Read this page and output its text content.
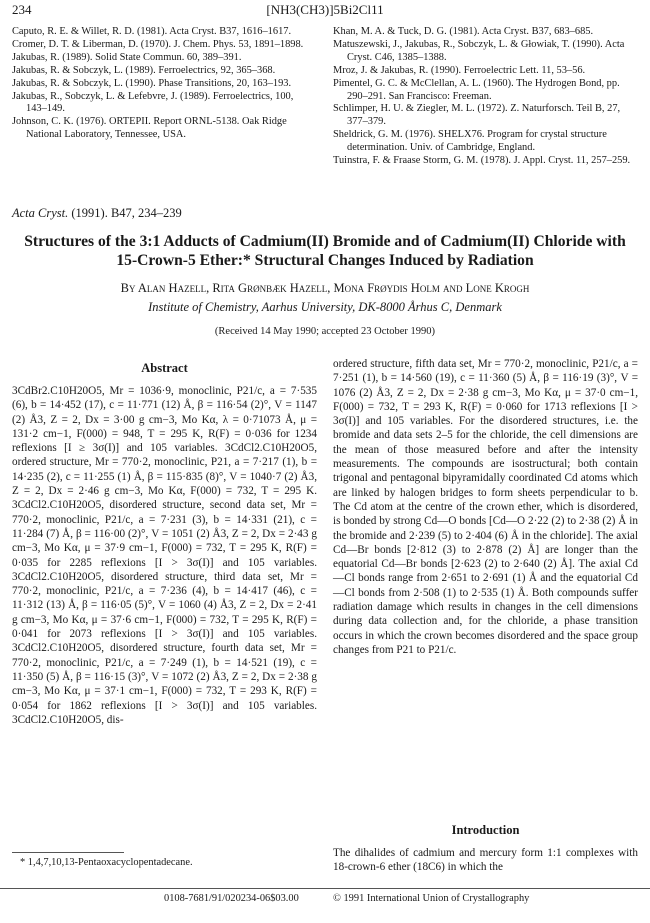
234	[NH3(CH3)]5Bi2Cl11
Caputo, R. E. & Willet, R. D. (1981). Acta Cryst. B37, 1616–1617.
Cromer, D. T. & Liberman, D. (1970). J. Chem. Phys. 53, 1891–1898.
Jakubas, R. (1989). Solid State Commun. 60, 389–391.
Jakubas, R. & Sobczyk, L. (1989). Ferroelectrics, 92, 365–368.
Jakubas, R. & Sobczyk, L. (1990). Phase Transitions, 20, 163–193.
Jakubas, R., Sobczyk, L. & Lefebvre, J. (1989). Ferroelectrics, 100, 143–149.
Johnson, C. K. (1976). ORTEPII. Report ORNL-5138. Oak Ridge National Laboratory, Tennessee, USA.
Khan, M. A. & Tuck, D. G. (1981). Acta Cryst. B37, 683–685.
Matuszewski, J., Jakubas, R., Sobczyk, L. & Głowiak, T. (1990). Acta Cryst. C46, 1385–1388.
Mroz, J. & Jakubas, R. (1990). Ferroelectric Lett. 11, 53–56.
Pimentel, G. C. & McClellan, A. L. (1960). The Hydrogen Bond, pp. 290–291. San Francisco: Freeman.
Schlimper, H. U. & Ziegler, M. L. (1972). Z. Naturforsch. Teil B, 27, 377–379.
Sheldrick, G. M. (1976). SHELX76. Program for crystal structure determination. Univ. of Cambridge, England.
Tuinstra, F. & Fraase Storm, G. M. (1978). J. Appl. Cryst. 11, 257–259.
Acta Cryst. (1991). B47, 234–239
Structures of the 3:1 Adducts of Cadmium(II) Bromide and of Cadmium(II) Chloride with 15-Crown-5 Ether:* Structural Changes Induced by Radiation
By Alan Hazell, Rita Grønbæk Hazell, Mona Frøydis Holm and Lone Krogh
Institute of Chemistry, Aarhus University, DK-8000 Århus C, Denmark
(Received 14 May 1990; accepted 23 October 1990)
Abstract
3CdBr2.C10H20O5, Mr = 1036·9, monoclinic, P21/c, a = 7·535 (6), b = 14·452 (17), c = 11·771 (12) Å, β = 116·54 (2)°, V = 1147 (2) Å3, Z = 2, Dx = 3·00 g cm−3, Mo Kα, λ = 0·71073 Å, μ = 131·2 cm−1, F(000) = 948, T = 295 K, R(F) = 0·036 for 1234 reflexions [I ≥ 3σ(I)] and 105 variables. 3CdCl2.C10H20O5, ordered structure, Mr = 770·2, monoclinic, P21, a = 7·217 (1), b = 14·235 (2), c = 11·255 (1) Å, β = 115·835 (8)°, V = 1040·7 (2) Å3, Z = 2, Dx = 2·46 g cm−3, Mo Kα, F(000) = 732, T = 295 K. 3CdCl2.C10H20O5, disordered structure, second data set, Mr = 770·2, monoclinic, P21/c, a = 7·231 (3), b = 14·331 (21), c = 11·284 (7) Å, β = 116·00 (2)°, V = 1051 (2) Å3, Z = 2, Dx = 2·43 g cm−3, Mo Kα, μ = 37·9 cm−1, F(000) = 732, T = 295 K, R(F) = 0·035 for 2285 reflexions [I > 3σ(I)] and 105 variables. 3CdCl2.C10H20O5, disordered structure, third data set, Mr = 770·2, monoclinic, P21/c, a = 7·236 (4), b = 14·417 (46), c = 11·312 (13) Å, β = 116·05 (5)°, V = 1060 (4) Å3, Z = 2, Dx = 2·41 g cm−3, Mo Kα, μ = 37·6 cm−1, F(000) = 732, T = 295 K, R(F) = 0·041 for 2073 reflexions [I > 3σ(I)] and 105 variables. 3CdCl2.C10H20O5, disordered structure, fourth data set, Mr = 770·2, monoclinic, P21/c, a = 7·249 (1), b = 14·521 (19), c = 11·350 (5) Å, β = 116·15 (3)°, V = 1072 (2) Å3, Z = 2, Dx = 2·38 g cm−3, Mo Kα, μ = 37·1 cm−1, F(000) = 732, T = 293 K, R(F) = 0·054 for 1862 reflexions [I > 3σ(I)] and 105 variables. 3CdCl2.C10H20O5, dis-
ordered structure, fifth data set, Mr = 770·2, monoclinic, P21/c, a = 7·251 (1), b = 14·560 (19), c = 11·360 (5) Å, β = 116·19 (3)°, V = 1076 (2) Å3, Z = 2, Dx = 2·38 g cm−3, Mo Kα, μ = 37·0 cm−1, F(000) = 732, T = 293 K, R(F) = 0·060 for 1713 reflexions [I > 3σ(I)] and 105 variables. For the disordered structures, i.e. the bromide and data sets 2–5 for the chloride, the cell dimensions are the mean of those measured before and after the intensity measurements. The compounds are isostructural; both contain trigonal and pentagonal bipyramidally coordinated Cd atoms which are linked by halogen bridges to form sheets perpendicular to b. The Cd atom at the centre of the crown ether, which is disordered, is bonded by strong Cd—O bonds [Cd—O 2·22 (2) to 2·38 (2) Å in the bromide and 2·239 (5) to 2·404 (6) Å in the chloride]. The axial Cd—Br bonds [2·812 (3) to 2·878 (2) Å] are longer than the equatorial Cd—Br bonds [2·623 (2) to 2·640 (2) Å]. The axial Cd—Cl bonds range from 2·651 to 2·691 (1) Å and the equatorial Cd—Cl bonds from 2·508 (1) to 2·535 (1) Å. Both compounds suffer radiation damage which results in changes in the cell dimensions during data collection and, for the chloride, a phase transition occurs in which the crown becomes disordered and the space group changes from P21 to P21/c.
Introduction
The dihalides of cadmium and mercury form 1:1 complexes with 18-crown-6 ether (18C6) in which the
* 1,4,7,10,13-Pentaoxacyclopentadecane.
0108-7681/91/020234-06$03.00	© 1991 International Union of Crystallography
